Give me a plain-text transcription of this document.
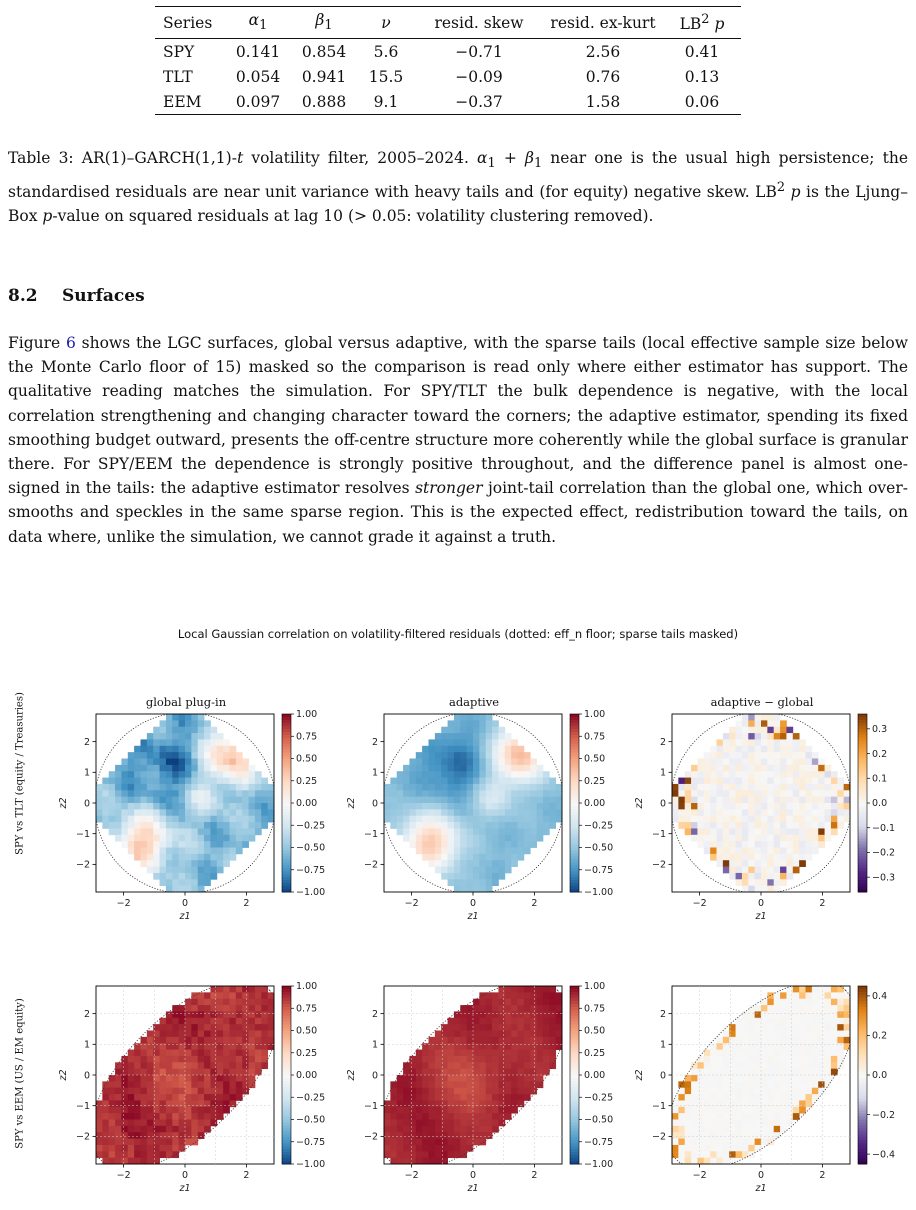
Series	$\alpha_1$	$\beta_1$	ν	resid. skew	resid. ex-kurt	$LB^2$ p
SPY	0.141	0.854	5.6	−0.71	2.56	0.41
TLT	0.054	0.941	15.5	−0.09	0.76	0.13
EEM	0.097	0.888	9.1	−0.37	1.58	0.06
Table 3: AR(1)–GARCH(1,1)-t volatility filter, 2005–2024. $\alpha_1 + \beta_1$ near one is the usual high persistence; the standardised residuals are near unit variance with heavy tails and (for equity) negative skew. $LB^2$ p is the Ljung–Box p-value on squared residuals at lag 10 (> 0.05: volatility clustering removed).
8.2 Surfaces
Figure 6 shows the LGC surfaces, global versus adaptive, with the sparse tails (local effective sample size below the Monte Carlo floor of 15) masked so the comparison is read only where either estimator has support. The qualitative reading matches the simulation. For SPY/TLT the bulk dependence is negative, with the local correlation strengthening and changing character toward the corners; the adaptive estimator, spending its fixed smoothing budget outward, presents the off-centre structure more coherently while the global surface is granular there. For SPY/EEM the dependence is strongly positive throughout, and the difference panel is almost one-signed in the tails: the adaptive estimator resolves stronger joint-tail correlation than the global one, which over-smooths and speckles in the same sparse region. This is the expected effect, redistribution toward the tails, on data where, unlike the simulation, we cannot grade it against a truth.
Local Gaussian correlation on volatility-filtered residuals (dotted: eff_n floor; sparse tails masked)
SPY vs TLT (equity / Treasuries)
SPY vs EEM (US / EM equity)
global plug-in	adaptive	adaptive − global
−2	0	2
2
1
0
−1
−2
z1
z2
1.00
0.75
0.50
0.25
0.00
−0.25
−0.50
−0.75
−1.00
−2	0	2
2
1
0
−1
−2
z1
z2
1.00
0.75
0.50
0.25
0.00
−0.25
−0.50
−0.75
−1.00
−2	0	2
2
1
0
−1
−2
z1
z2
0.3
0.2
0.1
0.0
−0.1
−0.2
−0.3
−2	0	2
2
1
0
−1
−2
z1
z2
1.00
0.75
0.50
0.25
0.00
−0.25
−0.50
−0.75
−1.00
−2	0	2
2
1
0
−1
−2
z1
z2
1.00
0.75
0.50
0.25
0.00
−0.25
−0.50
−0.75
−1.00
−2	0	2
2
1
0
−1
−2
z1
z2
0.4
0.2
0.0
−0.2
−0.4
